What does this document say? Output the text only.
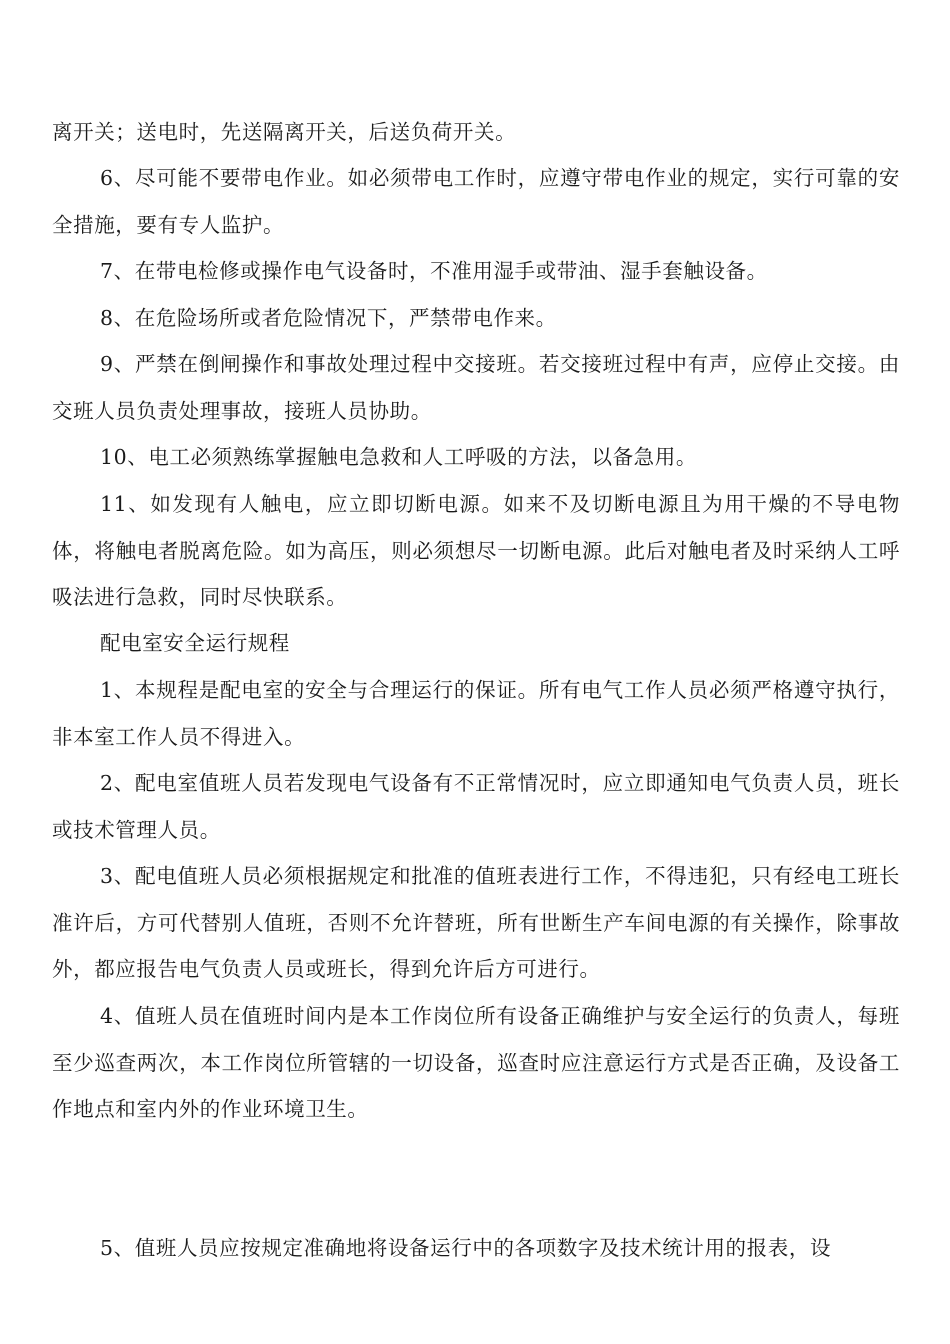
离开关；送电时，先送隔离开关，后送负荷开关。

6、尽可能不要带电作业。如必须带电工作时，应遵守带电作业的规定，实行可靠的安全措施，要有专人监护。

7、在带电检修或操作电气设备时，不准用湿手或带油、湿手套触设备。

8、在危险场所或者危险情况下，严禁带电作来。

9、严禁在倒闸操作和事故处理过程中交接班。若交接班过程中有声，应停止交接。由交班人员负责处理事故，接班人员协助。

10、电工必须熟练掌握触电急救和人工呼吸的方法，以备急用。

11、如发现有人触电，应立即切断电源。如来不及切断电源且为用干燥的不导电物体，将触电者脱离危险。如为高压，则必须想尽一切断电源。此后对触电者及时采纳人工呼吸法进行急救，同时尽快联系。

配电室安全运行规程

1、本规程是配电室的安全与合理运行的保证。所有电气工作人员必须严格遵守执行，非本室工作人员不得进入。

2、配电室值班人员若发现电气设备有不正常情况时，应立即通知电气负责人员，班长或技术管理人员。

3、配电值班人员必须根据规定和批准的值班表进行工作，不得违犯，只有经电工班长准许后，方可代替别人值班，否则不允许替班，所有世断生产车间电源的有关操作，除事故外，都应报告电气负责人员或班长，得到允许后方可进行。

4、值班人员在值班时间内是本工作岗位所有设备正确维护与安全运行的负责人，每班至少巡查两次，本工作岗位所管辖的一切设备，巡查时应注意运行方式是否正确，及设备工作地点和室内外的作业环境卫生。

5、值班人员应按规定准确地将设备运行中的各项数字及技术统计用的报表，设
